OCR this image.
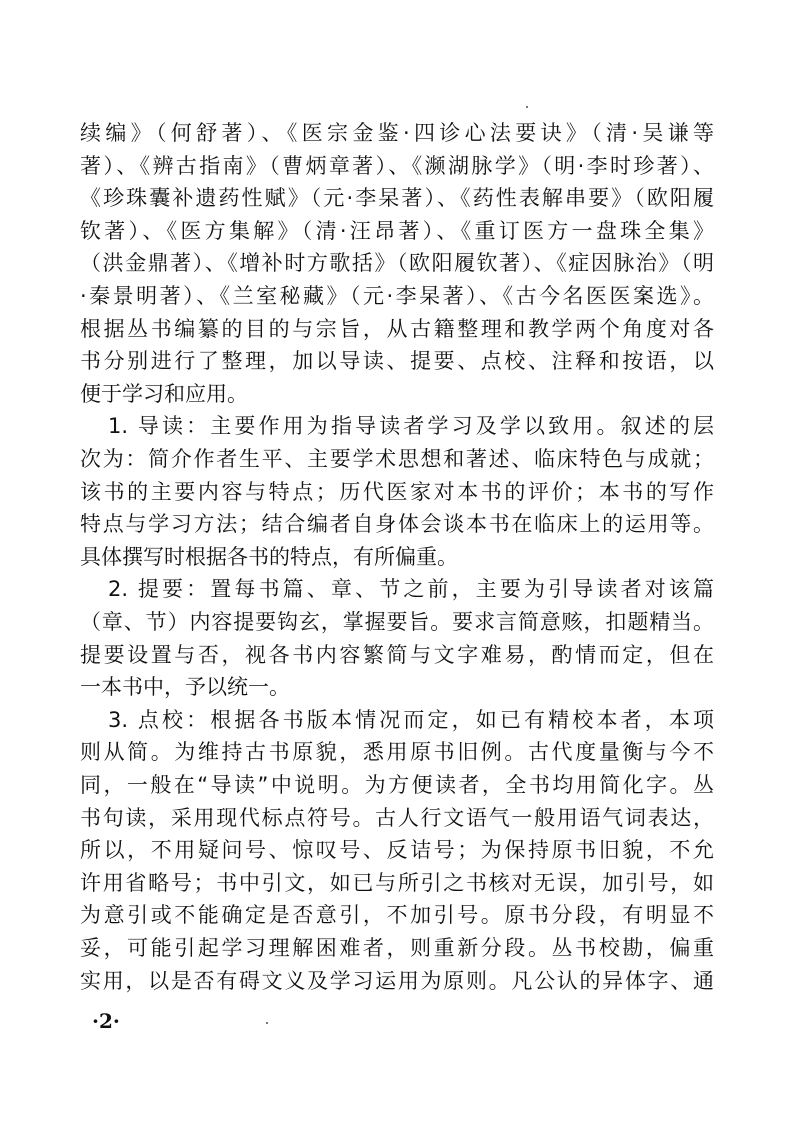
续编》（何舒著）、《医宗金鉴·四诊心法要诀》（清·吴谦等
著）、《辨古指南》（曹炳章著）、《濒湖脉学》（明·李时珍著）、
《珍珠囊补遗药性赋》（元·李杲著）、《药性表解串要》（欧阳履
钦著）、《医方集解》（清·汪昂著）、《重订医方一盘珠全集》
（洪金鼎著）、《增补时方歌括》（欧阳履钦著）、《症因脉治》（明
·秦景明著）、《兰室秘藏》（元·李杲著）、《古今名医医案选》。
根据丛书编纂的目的与宗旨，从古籍整理和教学两个角度对各
书分别进行了整理，加以导读、提要、点校、注释和按语，以
便于学习和应用。
1. 导读：主要作用为指导读者学习及学以致用。叙述的层
次为：简介作者生平、主要学术思想和著述、临床特色与成就；
该书的主要内容与特点；历代医家对本书的评价；本书的写作
特点与学习方法；结合编者自身体会谈本书在临床上的运用等。
具体撰写时根据各书的特点，有所偏重。
2. 提要：置每书篇、章、节之前，主要为引导读者对该篇
（章、节）内容提要钩玄，掌握要旨。要求言简意赅，扣题精当。
提要设置与否，视各书内容繁简与文字难易，酌情而定，但在
一本书中，予以统一。
3. 点校：根据各书版本情况而定，如已有精校本者，本项
则从简。为维持古书原貌，悉用原书旧例。古代度量衡与今不
同，一般在“导读”中说明。为方便读者，全书均用简化字。丛
书句读，采用现代标点符号。古人行文语气一般用语气词表达，
所以，不用疑问号、惊叹号、反诘号；为保持原书旧貌，不允
许用省略号；书中引文，如已与所引之书核对无误，加引号，如
为意引或不能确定是否意引，不加引号。原书分段，有明显不
妥，可能引起学习理解困难者，则重新分段。丛书校勘，偏重
实用，以是否有碍文义及学习运用为原则。凡公认的异体字、通
·2·
